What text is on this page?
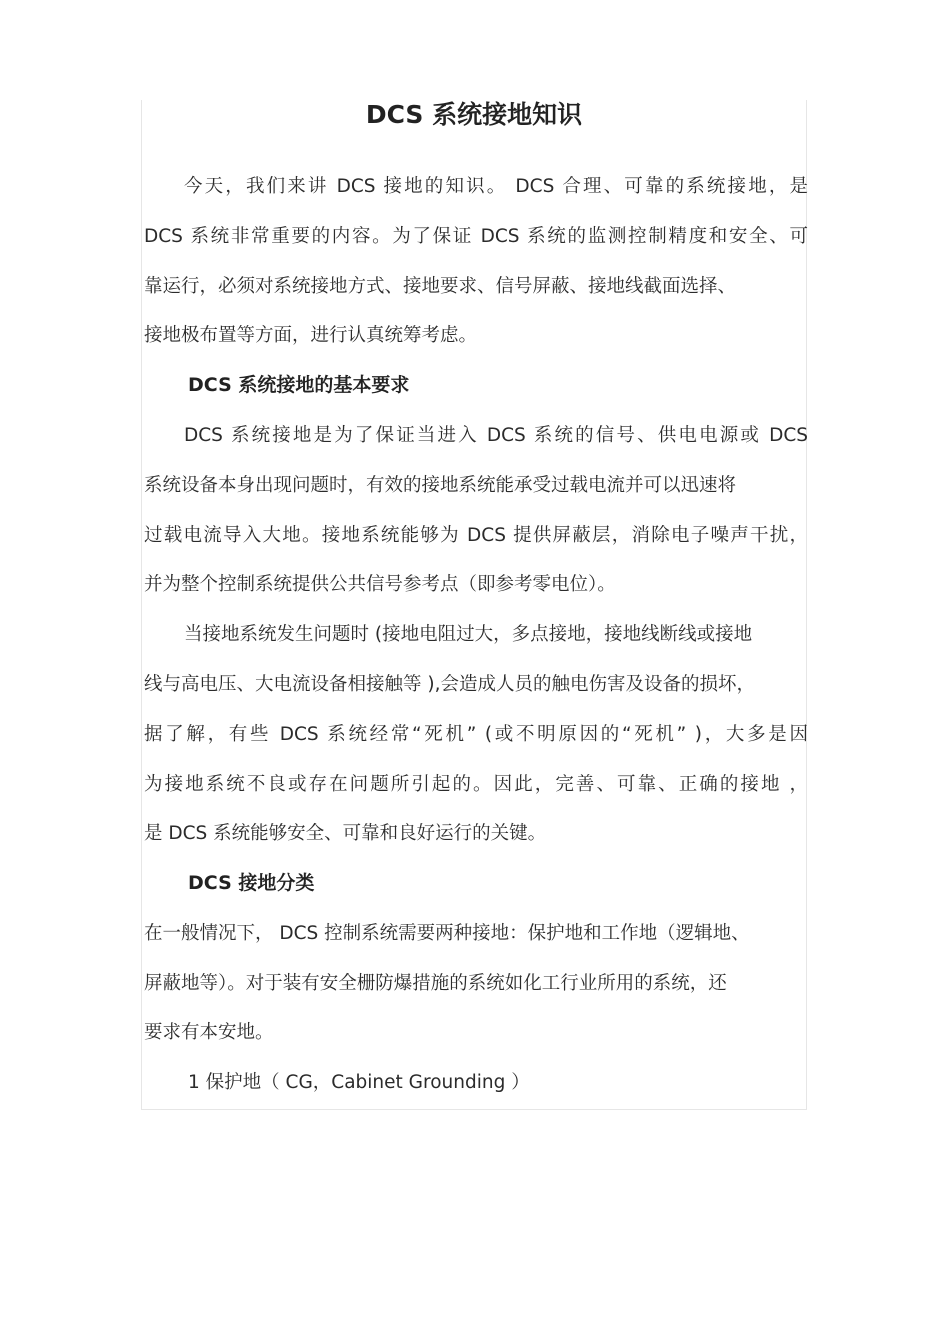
DCS 系统接地知识

今天，我们来讲 DCS 接地的知识。 DCS 合理、可靠的系统接地，是

DCS 系统非常重要的内容。为了保证 DCS 系统的监测控制精度和安全、可

靠运行，必须对系统接地方式、接地要求、信号屏蔽、接地线截面选择、

接地极布置等方面，进行认真统筹考虑。

DCS 系统接地的基本要求

DCS 系统接地是为了保证当进入 DCS 系统的信号、供电电源或 DCS

系统设备本身出现问题时，有效的接地系统能承受过载电流并可以迅速将

过载电流导入大地。接地系统能够为 DCS 提供屏蔽层，消除电子噪声干扰，

并为整个控制系统提供公共信号参考点（即参考零电位）。

当接地系统发生问题时 (接地电阻过大，多点接地，接地线断线或接地

线与高电压、大电流设备相接触等 ),会造成人员的触电伤害及设备的损坏，

据了解，有些 DCS 系统经常“死机” (或不明原因的“死机” )，大多是因

为接地系统不良或存在问题所引起的。因此，完善、可靠、正确的接地 ，

是 DCS 系统能够安全、可靠和良好运行的关键。

DCS 接地分类

在一般情况下， DCS 控制系统需要两种接地：保护地和工作地（逻辑地、

屏蔽地等）。对于装有安全栅防爆措施的系统如化工行业所用的系统，还

要求有本安地。

1 保护地（ CG，Cabinet Grounding ）
